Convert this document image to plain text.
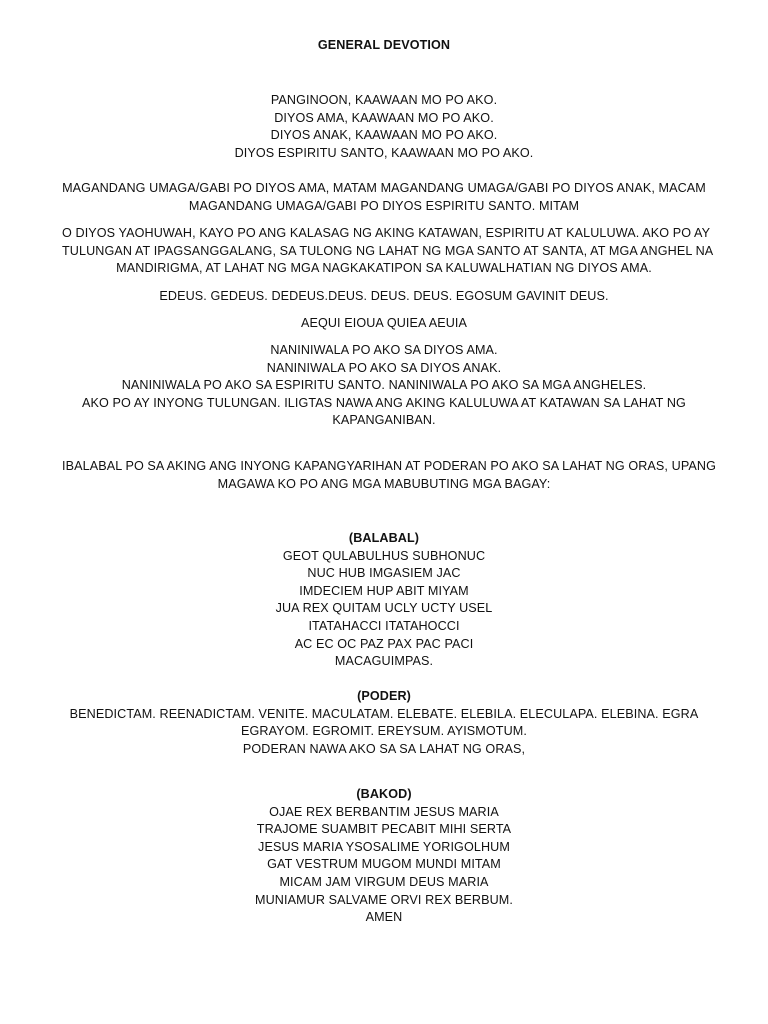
GENERAL DEVOTION
PANGINOON, KAAWAAN MO PO AKO.
DIYOS AMA, KAAWAAN MO PO AKO.
DIYOS ANAK, KAAWAAN MO PO AKO.
DIYOS ESPIRITU SANTO, KAAWAAN MO PO AKO.
MAGANDANG UMAGA/GABI PO DIYOS AMA, MATAM MAGANDANG UMAGA/GABI PO DIYOS ANAK, MACAM
MAGANDANG UMAGA/GABI PO DIYOS ESPIRITU SANTO. MITAM
O DIYOS YAOHUWAH, KAYO PO ANG KALASAG NG AKING KATAWAN, ESPIRITU AT KALULUWA. AKO PO AY
TULUNGAN AT IPAGSANGGALANG, SA TULONG NG LAHAT NG MGA SANTO AT SANTA, AT MGA ANGHEL NA
MANDIRIGMA, AT LAHAT NG MGA NAGKAKATIPON SA KALUWALHATIAN NG DIYOS AMA.
EDEUS. GEDEUS. DEDEUS.DEUS. DEUS. DEUS. EGOSUM GAVINIT DEUS.
AEQUI EIOUA QUIEA AEUIA
NANINIWALA PO AKO SA DIYOS AMA.
NANINIWALA PO AKO SA DIYOS ANAK.
NANINIWALA PO AKO SA ESPIRITU SANTO. NANINIWALA PO AKO SA MGA ANGHELES.
AKO PO AY INYONG TULUNGAN. ILIGTAS NAWA ANG AKING KALULUWA AT KATAWAN SA LAHAT NG
KAPANGANIBAN.
IBALABAL PO SA AKING ANG INYONG KAPANGYARIHAN AT PODERAN PO AKO SA LAHAT NG ORAS, UPANG
MAGAWA KO PO ANG MGA MABUBUTING MGA BAGAY:
(BALABAL)
GEOT QULABULHUS SUBHONUC
NUC HUB IMGASIEM JAC
IMDECIEM HUP ABIT MIYAM
JUA REX QUITAM UCLY UCTY USEL
ITATAHACCI ITATAHOCCI
AC EC OC PAZ PAX PAC PACI
MACAGUIMPAS.
(PODER)
BENEDICTAM. REENADICTAM. VENITE. MACULATAM. ELEBATE. ELEBILA. ELECULAPA. ELEBINA. EGRA
EGRAYOM. EGROMIT. EREYSUM. AYISMOTUM.
PODERAN NAWA AKO SA SA LAHAT NG ORAS,
(BAKOD)
OJAE REX BERBANTIM JESUS MARIA
TRAJOME SUAMBIT PECABIT MIHI SERTA
JESUS MARIA YSOSALIME YORIGOLHUM
GAT VESTRUM MUGOM MUNDI MITAM
MICAM JAM VIRGUM DEUS MARIA
MUNIAMUR SALVAME ORVI REX BERBUM.
AMEN
